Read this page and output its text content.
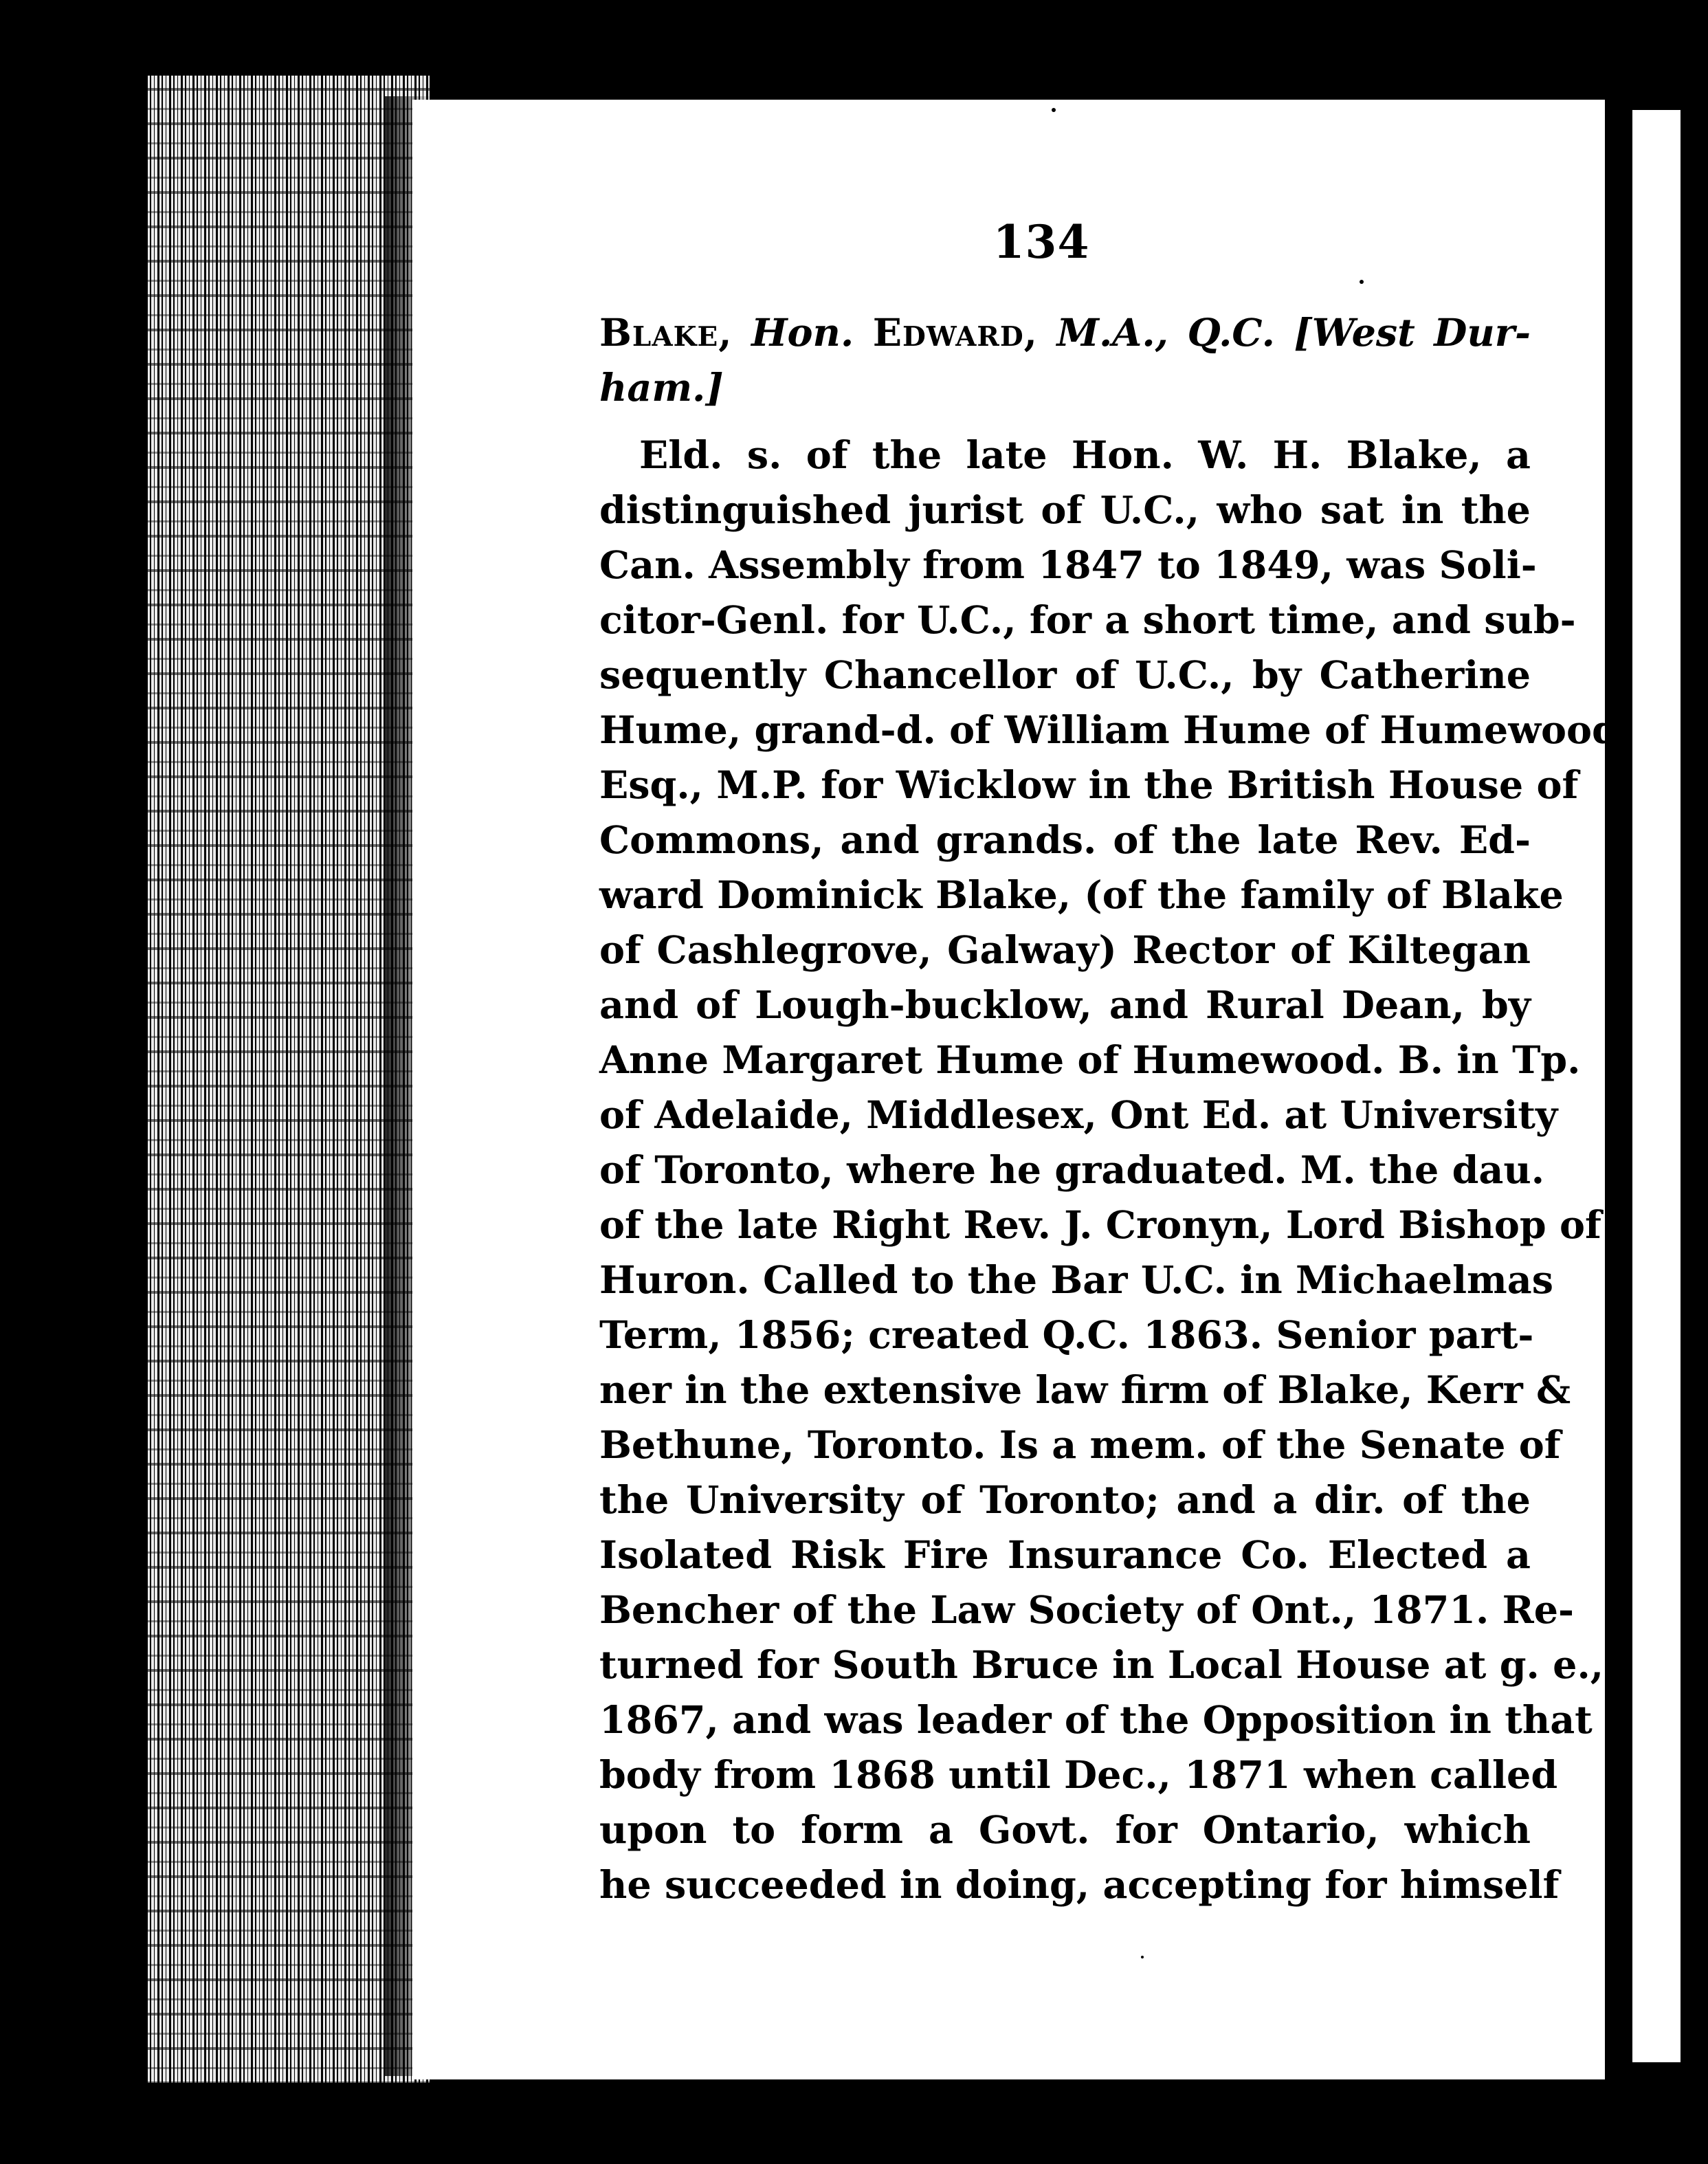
134
Blake, Hon. Edward, M.A., Q.C. [West Dur-
ham.]
Eld. s. of the late Hon. W. H. Blake, a
distinguished jurist of U.C., who sat in the
Can. Assembly from 1847 to 1849, was Soli-
citor-Genl. for U.C., for a short time, and sub-
sequently Chancellor of U.C., by Catherine
Hume, grand-d. of William Hume of Humewood,
Esq., M.P. for Wicklow in the British House of
Commons, and grands. of the late Rev. Ed-
ward Dominick Blake, (of the family of Blake
of Cashlegrove, Galway) Rector of Kiltegan
and of Lough-bucklow, and Rural Dean, by
Anne Margaret Hume of Humewood. B. in Tp.
of Adelaide, Middlesex, Ont Ed. at University
of Toronto, where he graduated. M. the dau.
of the late Right Rev. J. Cronyn, Lord Bishop of
Huron. Called to the Bar U.C. in Michaelmas
Term, 1856; created Q.C. 1863. Senior part-
ner in the extensive law firm of Blake, Kerr &
Bethune, Toronto. Is a mem. of the Senate of
the University of Toronto; and a dir. of the
Isolated Risk Fire Insurance Co. Elected a
Bencher of the Law Society of Ont., 1871. Re-
turned for South Bruce in Local House at g. e.,
1867, and was leader of the Opposition in that
body from 1868 until Dec., 1871 when called
upon to form a Govt. for Ontario, which
he succeeded in doing, accepting for himself
